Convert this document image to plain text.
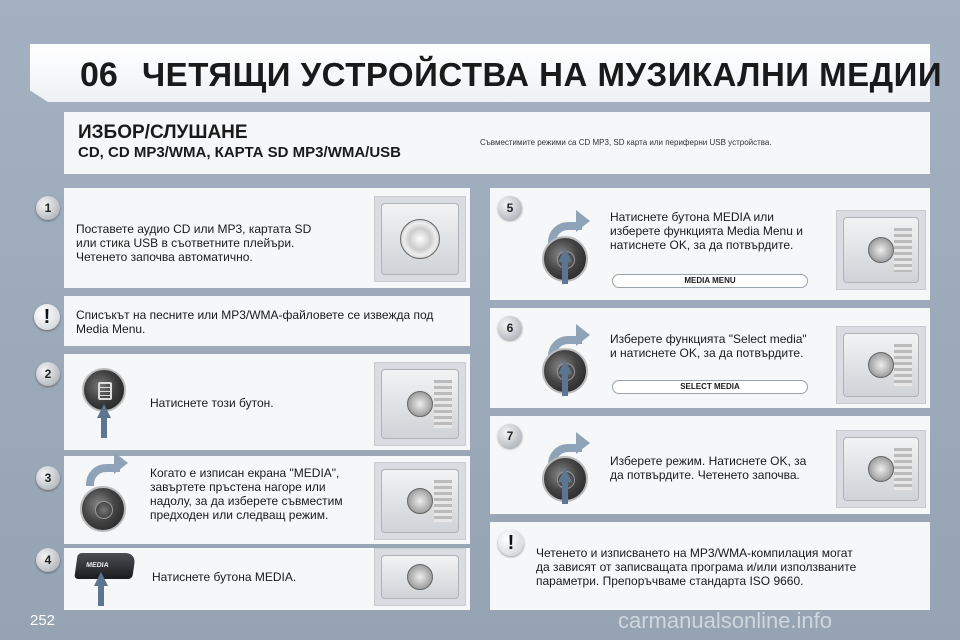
06 ЧЕТЯЩИ УСТРОЙСТВА НА МУЗИКАЛНИ МЕДИИ
ИЗБОР/СЛУШАНЕ
CD, CD MP3/WMA, КАРТА SD MP3/WMA/USB
Съвместимите режими са CD MP3, SD карта или периферни USB устройства.
1
Поставете аудио CD или MP3, картата SD
или стика USB в съответните плейъри.
Четенето започва автоматично.
!	Списъкът на песните или MP3/WMA-файловете се извежда под
Media Menu.
2
Натиснете този бутон.
3	Когато е изписан екрана "MEDIA",
завъртете пръстена нагоре или
надолу, за да изберете съвместим
предходен или следващ режим.
4	MEDIA
Натиснете бутона MEDIA.
5
Натиснете бутона MEDIA или
изберете функцията Media Menu и
натиснете OK, за да потвърдите.
MEDIA MENU
6
Изберете функцията "Select media"
и натиснете OK, за да потвърдите.
SELECT MEDIA
7
Изберете режим. Натиснете OK, за
да потвърдите. Четенето започва.
!	Четенето и изписването на MP3/WMA-компилация могат
да зависят от записващата програма и/или използваните
параметри. Препоръчваме стандарта ISO 9660.
252	carmanualsonline.info
